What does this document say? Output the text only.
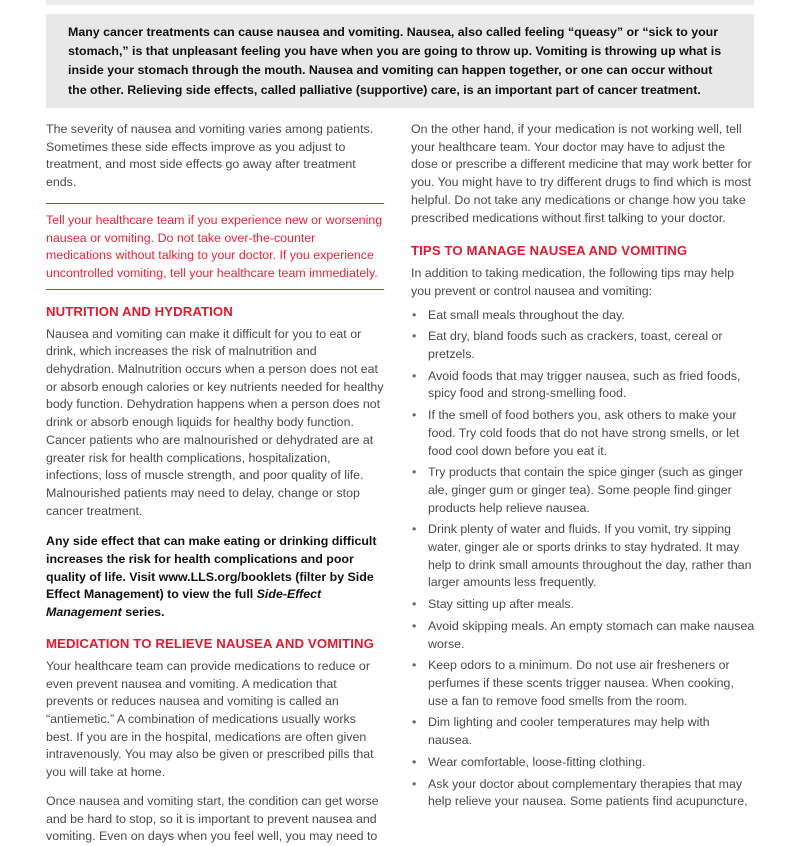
Many cancer treatments can cause nausea and vomiting. Nausea, also called feeling “queasy” or “sick to your stomach,” is that unpleasant feeling you have when you are going to throw up. Vomiting is throwing up what is inside your stomach through the mouth. Nausea and vomiting can happen together, or one can occur without the other. Relieving side effects, called palliative (supportive) care, is an important part of cancer treatment.

The severity of nausea and vomiting varies among patients. Sometimes these side effects improve as you adjust to treatment, and most side effects go away after treatment ends.

Tell your healthcare team if you experience new or worsening nausea or vomiting. Do not take over-the-counter medications without talking to your doctor. If you experience uncontrolled vomiting, tell your healthcare team immediately.

NUTRITION AND HYDRATION

Nausea and vomiting can make it difficult for you to eat or drink, which increases the risk of malnutrition and dehydration. Malnutrition occurs when a person does not eat or absorb enough calories or key nutrients needed for healthy body function. Dehydration happens when a person does not drink or absorb enough liquids for healthy body function. Cancer patients who are malnourished or dehydrated are at greater risk for health complications, hospitalization, infections, loss of muscle strength, and poor quality of life. Malnourished patients may need to delay, change or stop cancer treatment.

Any side effect that can make eating or drinking difficult increases the risk for health complications and poor quality of life. Visit www.LLS.org/booklets (filter by Side Effect Management) to view the full Side-Effect Management series.

MEDICATION TO RELIEVE NAUSEA AND VOMITING

Your healthcare team can provide medications to reduce or even prevent nausea and vomiting. A medication that prevents or reduces nausea and vomiting is called an “antiemetic.” A combination of medications usually works best. If you are in the hospital, medications are often given intravenously. You may also be given or prescribed pills that you will take at home.

Once nausea and vomiting start, the condition can get worse and be hard to stop, so it is important to prevent nausea and vomiting. Even on days when you feel well, you may need to

On the other hand, if your medication is not working well, tell your healthcare team. Your doctor may have to adjust the dose or prescribe a different medicine that may work better for you. You might have to try different drugs to find which is most helpful. Do not take any medications or change how you take prescribed medications without first talking to your doctor.

TIPS TO MANAGE NAUSEA AND VOMITING

In addition to taking medication, the following tips may help you prevent or control nausea and vomiting:

• Eat small meals throughout the day.
• Eat dry, bland foods such as crackers, toast, cereal or pretzels.
• Avoid foods that may trigger nausea, such as fried foods, spicy food and strong-smelling food.
• If the smell of food bothers you, ask others to make your food. Try cold foods that do not have strong smells, or let food cool down before you eat it.
• Try products that contain the spice ginger (such as ginger ale, ginger gum or ginger tea). Some people find ginger products help relieve nausea.
• Drink plenty of water and fluids. If you vomit, try sipping water, ginger ale or sports drinks to stay hydrated. It may help to drink small amounts throughout the day, rather than larger amounts less frequently.
• Stay sitting up after meals.
• Avoid skipping meals. An empty stomach can make nausea worse.
• Keep odors to a minimum. Do not use air fresheners or perfumes if these scents trigger nausea. When cooking, use a fan to remove food smells from the room.
• Dim lighting and cooler temperatures may help with nausea.
• Wear comfortable, loose-fitting clothing.
• Ask your doctor about complementary therapies that may help relieve your nausea. Some patients find acupuncture,
